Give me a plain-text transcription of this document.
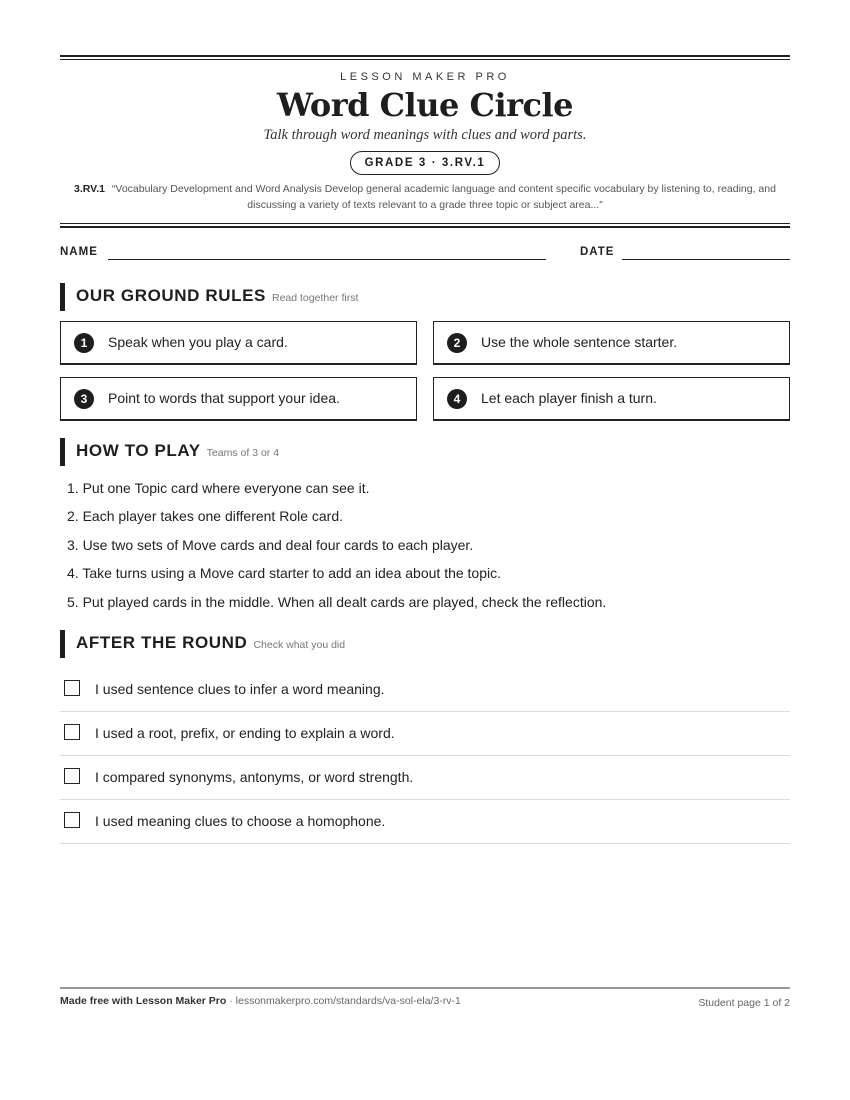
LESSON MAKER PRO
Word Clue Circle
Talk through word meanings with clues and word parts.
GRADE 3 · 3.RV.1
3.RV.1 “Vocabulary Development and Word Analysis Develop general academic language and content specific vocabulary by listening to, reading, and discussing a variety of texts relevant to a grade three topic or subject area...”
NAME	DATE
OUR GROUND RULES Read together first
1	Speak when you play a card.	2	Use the whole sentence starter.
3	Point to words that support your idea.	4	Let each player finish a turn.
HOW TO PLAY Teams of 3 or 4
1. Put one Topic card where everyone can see it.
2. Each player takes one different Role card.
3. Use two sets of Move cards and deal four cards to each player.
4. Take turns using a Move card starter to add an idea about the topic.
5. Put played cards in the middle. When all dealt cards are played, check the reflection.
AFTER THE ROUND Check what you did
I used sentence clues to infer a word meaning.
I used a root, prefix, or ending to explain a word.
I compared synonyms, antonyms, or word strength.
I used meaning clues to choose a homophone.
Made free with Lesson Maker Pro · lessonmakerpro.com/standards/va-sol-ela/3-rv-1	Student page 1 of 2
